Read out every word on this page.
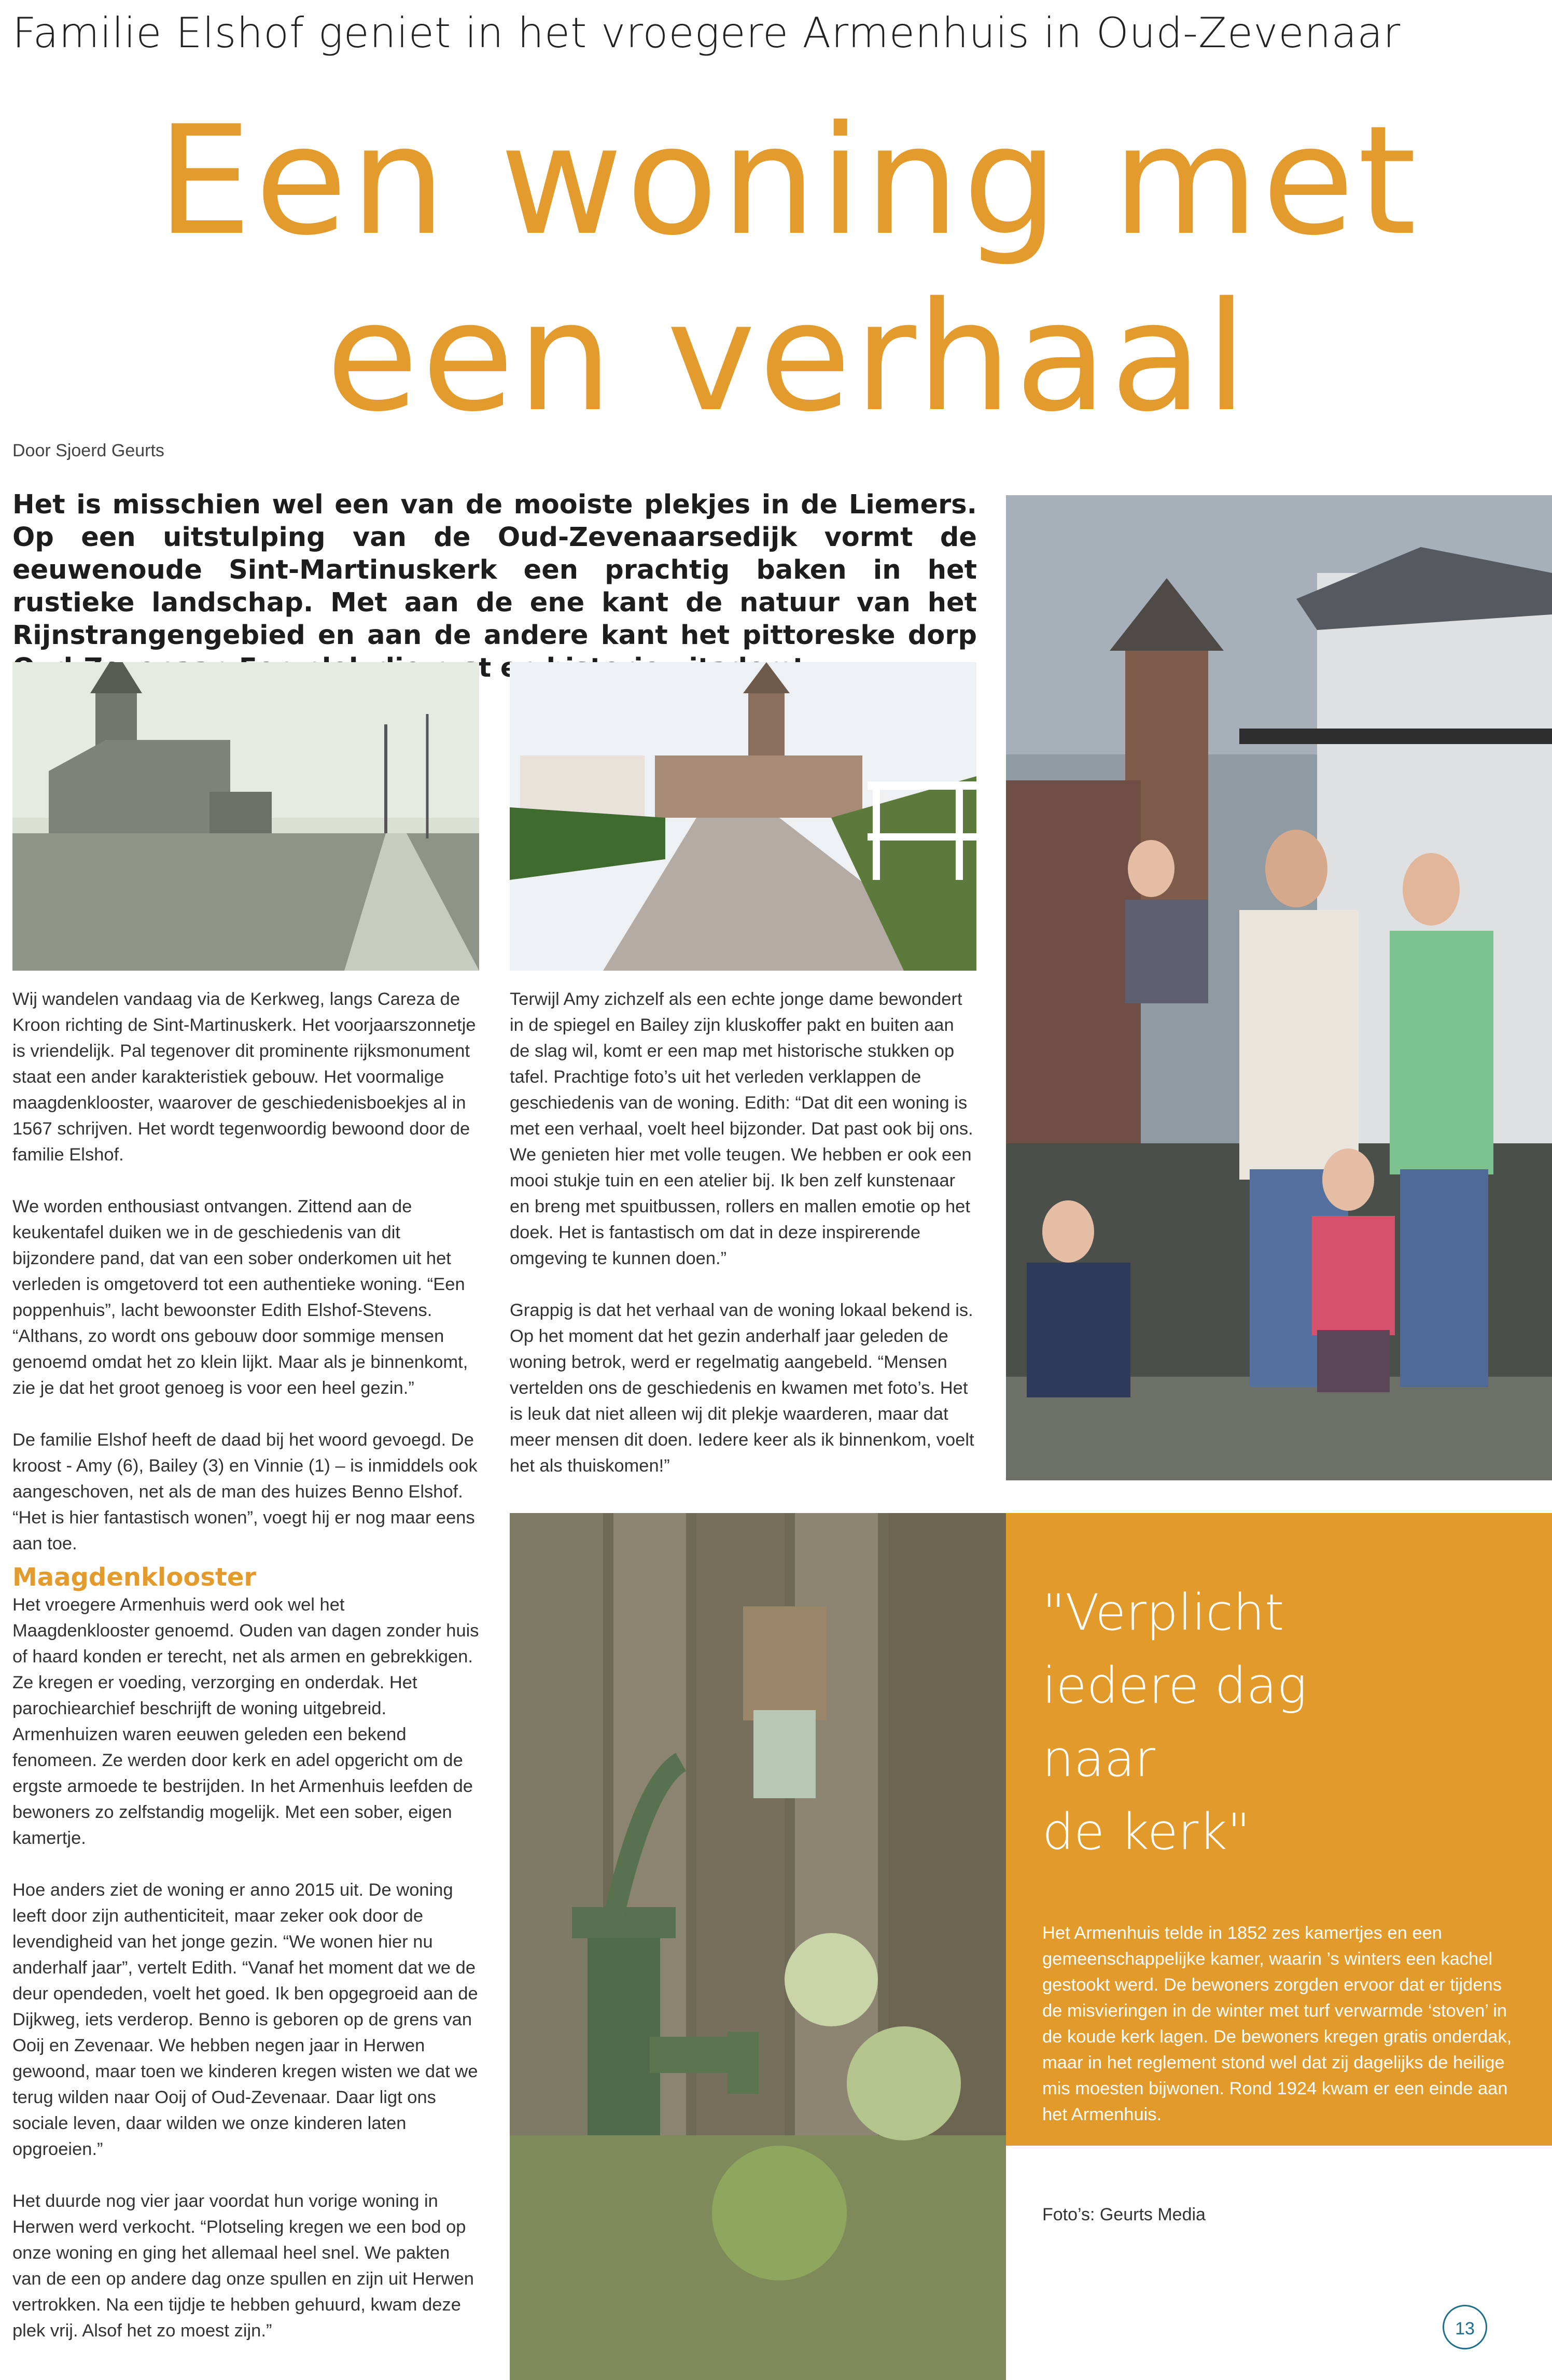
Familie Elshof geniet in het vroegere Armenhuis in Oud-Zevenaar
Een woning met
een verhaal
Door Sjoerd Geurts
Het is misschien wel een van de mooiste plekjes in de Liemers. Op een uitstulping van de Oud-Zevenaarsedijk vormt de eeuwenoude Sint-Martinuskerk een prachtig baken in het rustieke landschap. Met aan de ene kant de natuur van het Rijnstrangengebied en aan de andere kant het pittoreske dorp

Wij wandelen vandaag via de Kerkweg, langs Careza de Kroon richting de Sint-Martinuskerk. Het voorjaarszonnetje is vriendelijk. Pal tegenover dit prominente rijksmonument staat een ander karakteristiek gebouw. Het voormalige maagdenklooster, waarover de geschiedenisboekjes al in 1567 schrijven. Het wordt tegenwoordig bewoond door de familie Elshof.

We worden enthousiast ontvangen. Zittend aan de keukentafel duiken we in de geschiedenis van dit bijzondere pand, dat van een sober onderkomen uit het verleden is omgetoverd tot een authentieke woning. “Een poppenhuis”, lacht bewoonster Edith Elshof-Stevens. “Althans, zo wordt ons gebouw door sommige mensen genoemd omdat het zo klein lijkt. Maar als je binnenkomt, zie je dat het groot genoeg is voor een heel gezin.”

De familie Elshof heeft de daad bij het woord gevoegd. De kroost - Amy (6), Bailey (3) en Vinnie (1) – is inmiddels ook aangeschoven, net als de man des huizes Benno Elshof. “Het is hier fantastisch wonen”, voegt hij er nog maar eens aan toe.

Maagdenklooster

Het vroegere Armenhuis werd ook wel het Maagdenklooster genoemd. Ouden van dagen zonder huis of haard konden er terecht, net als armen en gebrekkigen. Ze kregen er voeding, verzorging en onderdak. Het parochiearchief beschrijft de woning uitgebreid. Armenhuizen waren eeuwen geleden een bekend fenomeen. Ze werden door kerk en adel opgericht om de ergste armoede te bestrijden. In het Armenhuis leefden de bewoners zo zelfstandig mogelijk. Met een sober, eigen kamertje.

Hoe anders ziet de woning er anno 2015 uit. De woning leeft door zijn authenticiteit, maar zeker ook door de levendigheid van het jonge gezin. “We wonen hier nu anderhalf jaar”, vertelt Edith. “Vanaf het moment dat we de deur opendeden, voelt het goed. Ik ben opgegroeid aan de Dijkweg, iets verderop. Benno is geboren op de grens van Ooij en Zevenaar. We hebben negen jaar in Herwen gewoond, maar toen we kinderen kregen wisten we dat we terug wilden naar Ooij of Oud-Zevenaar. Daar ligt ons sociale leven, daar wilden we onze kinderen laten opgroeien.”

Het duurde nog vier jaar voordat hun vorige woning in Herwen werd verkocht. “Plotseling kregen we een bod op onze woning en ging het allemaal heel snel. We pakten van de een op andere dag onze spullen en zijn uit Herwen vertrokken. Na een tijdje te hebben gehuurd, kwam deze plek vrij. Alsof het zo moest zijn.”

Terwijl Amy zichzelf als een echte jonge dame bewondert in de spiegel en Bailey zijn kluskoffer pakt en buiten aan de slag wil, komt er een map met historische stukken op tafel. Prachtige foto’s uit het verleden verklappen de geschiedenis van de woning. Edith: “Dat dit een woning is met een verhaal, voelt heel bijzonder. Dat past ook bij ons. We genieten hier met volle teugen. We hebben er ook een mooi stukje tuin en een atelier bij. Ik ben zelf kunstenaar en breng met spuitbussen, rollers en mallen emotie op het doek. Het is fantastisch om dat in deze inspirerende omgeving te kunnen doen.”

Grappig is dat het verhaal van de woning lokaal bekend is. Op het moment dat het gezin anderhalf jaar geleden de woning betrok, werd er regelmatig aangebeld. “Mensen vertelden ons de geschiedenis en kwamen met foto’s. Het is leuk dat niet alleen wij dit plekje waarderen, maar dat meer mensen dit doen. Iedere keer als ik binnenkom, voelt het als thuiskomen!”

"Verplicht
iedere dag
naar
de kerk"
Het Armenhuis telde in 1852 zes kamertjes en een gemeenschappelijke kamer, waarin ’s winters een kachel gestookt werd. De bewoners zorgden ervoor dat er tijdens de misvieringen in de winter met turf verwarmde ‘stoven’ in de koude kerk lagen. De bewoners kregen gratis onderdak, maar in het reglement stond wel dat zij dagelijks de heilige mis moesten bijwonen. Rond 1924 kwam er een einde aan het Armenhuis.
Foto’s: Geurts Media
13
